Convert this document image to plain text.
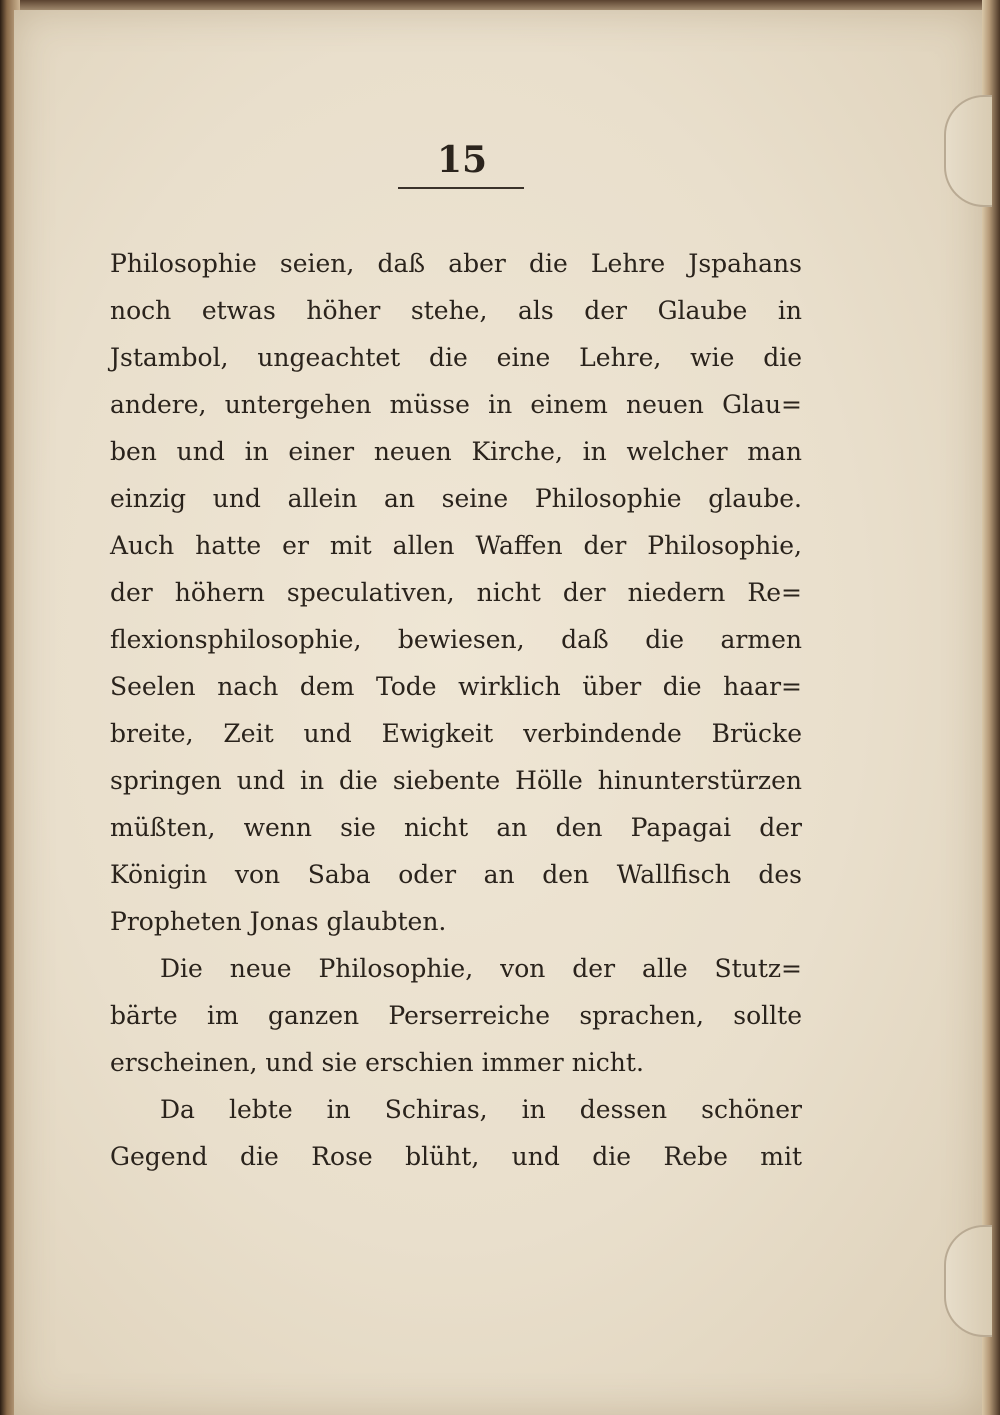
15
Philosophie seien, daß aber die Lehre Jspahans
noch etwas höher stehe, als der Glaube in
Jstambol, ungeachtet die eine Lehre, wie die
andere, untergehen müsse in einem neuen Glau=
ben und in einer neuen Kirche, in welcher man
einzig und allein an seine Philosophie glaube.
Auch hatte er mit allen Waffen der Philosophie,
der höhern speculativen, nicht der niedern Re=
flexionsphilosophie, bewiesen, daß die armen
Seelen nach dem Tode wirklich über die haar=
breite, Zeit und Ewigkeit verbindende Brücke
springen und in die siebente Hölle hinunterstürzen
müßten, wenn sie nicht an den Papagai der
Königin von Saba oder an den Wallfisch des
Propheten Jonas glaubten.
Die neue Philosophie, von der alle Stutz=
bärte im ganzen Perserreiche sprachen, sollte
erscheinen, und sie erschien immer nicht.
Da lebte in Schiras, in dessen schöner
Gegend die Rose blüht, und die Rebe mit
